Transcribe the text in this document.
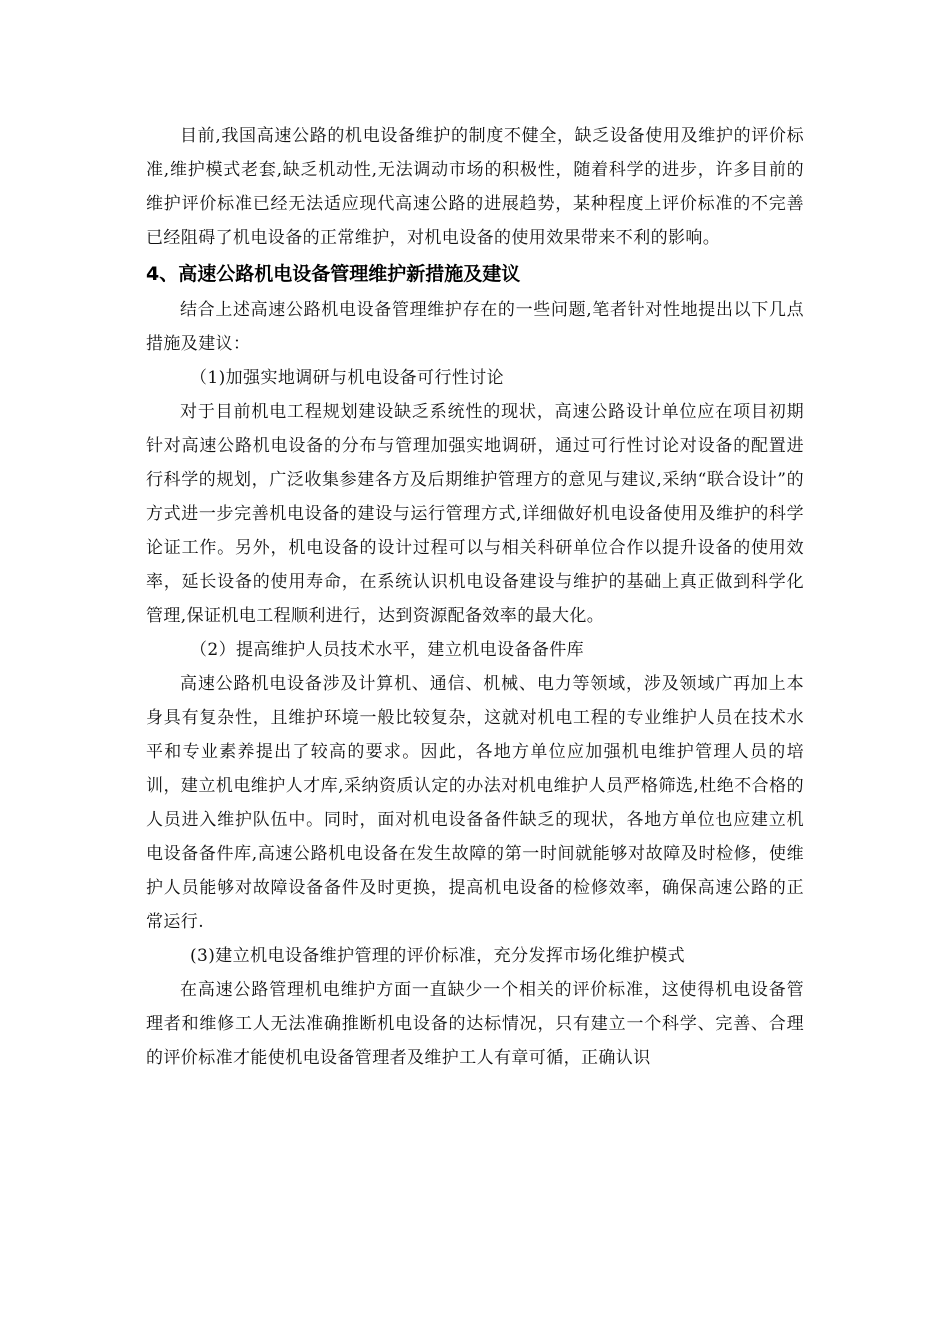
目前,我国高速公路的机电设备维护的制度不健全，缺乏设备使用及维护的评价标准,维护模式老套,缺乏机动性,无法调动市场的积极性，随着科学的进步，许多目前的维护评价标准已经无法适应现代高速公路的进展趋势，某种程度上评价标准的不完善已经阻碍了机电设备的正常维护，对机电设备的使用效果带来不利的影响。

4、高速公路机电设备管理维护新措施及建议

结合上述高速公路机电设备管理维护存在的一些问题,笔者针对性地提出以下几点措施及建议：

（1)加强实地调研与机电设备可行性讨论

对于目前机电工程规划建设缺乏系统性的现状，高速公路设计单位应在项目初期针对高速公路机电设备的分布与管理加强实地调研，通过可行性讨论对设备的配置进行科学的规划，广泛收集参建各方及后期维护管理方的意见与建议,采纳“联合设计”的方式进一步完善机电设备的建设与运行管理方式,详细做好机电设备使用及维护的科学论证工作。另外，机电设备的设计过程可以与相关科研单位合作以提升设备的使用效率，延长设备的使用寿命，在系统认识机电设备建设与维护的基础上真正做到科学化管理,保证机电工程顺利进行，达到资源配备效率的最大化。

（2）提高维护人员技术水平，建立机电设备备件库

高速公路机电设备涉及计算机、通信、机械、电力等领域，涉及领域广再加上本身具有复杂性，且维护环境一般比较复杂，这就对机电工程的专业维护人员在技术水平和专业素养提出了较高的要求。因此，各地方单位应加强机电维护管理人员的培训，建立机电维护人才库,采纳资质认定的办法对机电维护人员严格筛选,杜绝不合格的人员进入维护队伍中。同时，面对机电设备备件缺乏的现状，各地方单位也应建立机电设备备件库,高速公路机电设备在发生故障的第一时间就能够对故障及时检修，使维护人员能够对故障设备备件及时更换，提高机电设备的检修效率，确保高速公路的正常运行.

(3)建立机电设备维护管理的评价标准，充分发挥市场化维护模式

在高速公路管理机电维护方面一直缺少一个相关的评价标准，这使得机电设备管理者和维修工人无法准确推断机电设备的达标情况，只有建立一个科学、完善、合理的评价标准才能使机电设备管理者及维护工人有章可循，正确认识
